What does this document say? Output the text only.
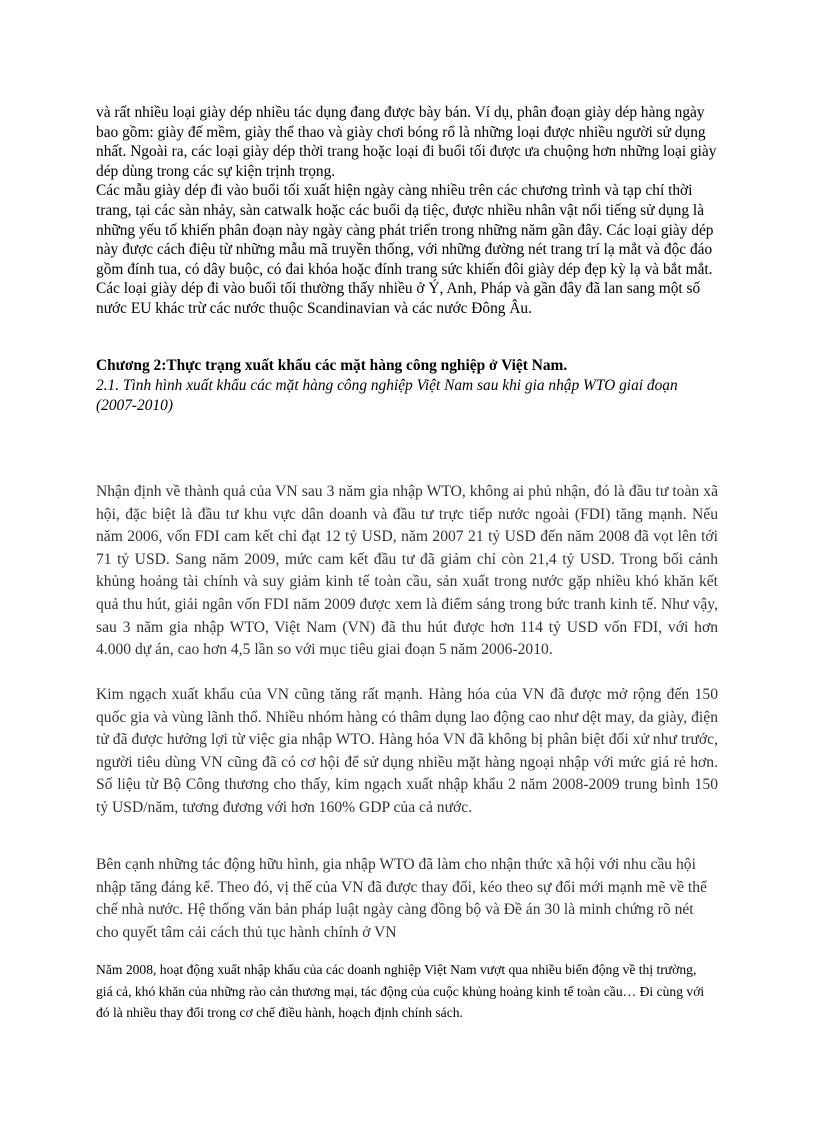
và rất nhiều loại giày dép nhiều tác dụng đang được bày bán. Ví dụ, phân đoạn giày dép hàng ngày bao gồm: giày đế mềm, giày thể thao và giày chơi bóng rổ là những loại được nhiều người sử dụng nhất. Ngoài ra, các loại giày dép thời trang hoặc loại đi buổi tối được ưa chuộng hơn những loại giày dép dùng trong các sự kiện trịnh trọng.

Các mẫu giày dép đi vào buổi tối xuất hiện ngày càng nhiều trên các chương trình và tạp chí thời trang, tại các sàn nhảy, sàn catwalk hoặc các buổi dạ tiệc, được nhiều nhân vật nổi tiếng sử dụng là những yếu tố khiến phân đoạn này ngày càng phát triển trong những năm gần đây. Các loại giày dép này được cách điệu từ những mẫu mã truyền thống, với những đường nét trang trí lạ mắt và độc đáo gồm đính tua, có dây buộc, có đai khóa hoặc đính trang sức khiến đôi giày dép đẹp kỳ lạ và bắt mắt. Các loại giày dép đi vào buổi tối thường thấy nhiều ở Ý, Anh, Pháp và gần đây đã lan sang một số nước EU khác trừ các nước thuộc Scandinavian và các nước Đông Âu.

Chương 2:Thực trạng xuất khẩu các mặt hàng công nghiệp ở Việt Nam.
2.1. Tình hình xuất khẩu các mặt hàng công nghiệp Việt Nam sau khi gia nhập WTO giai đoạn (2007-2010)

Nhận định về thành quả của VN sau 3 năm gia nhập WTO, không ai phủ nhận, đó là đầu tư toàn xã hội, đặc biệt là đầu tư khu vực dân doanh và đầu tư trực tiếp nước ngoài (FDI) tăng mạnh. Nếu năm 2006, vốn FDI cam kết chỉ đạt 12 tỷ USD, năm 2007 21 tỷ USD đến năm 2008 đã vọt lên tới 71 tỷ USD. Sang năm 2009, mức cam kết đầu tư đã giảm chỉ còn 21,4 tỷ USD. Trong bối cảnh khủng hoảng tài chính và suy giảm kinh tế toàn cầu, sản xuất trong nước gặp nhiều khó khăn kết quả thu hút, giải ngân vốn FDI năm 2009 được xem là điểm sáng trong bức tranh kinh tế. Như vậy, sau 3 năm gia nhập WTO, Việt Nam (VN) đã thu hút được hơn 114 tỷ USD vốn FDI, với hơn 4.000 dự án, cao hơn 4,5 lần so với mục tiêu giai đoạn 5 năm 2006-2010.

Kim ngạch xuất khẩu của VN cũng tăng rất mạnh. Hàng hóa của VN đã được mở rộng đến 150 quốc gia và vùng lãnh thổ. Nhiều nhóm hàng có thâm dụng lao động cao như dệt may, da giày, điện tử đã được hưởng lợi từ việc gia nhập WTO. Hàng hóa VN đã không bị phân biệt đối xử như trước, người tiêu dùng VN cũng đã có cơ hội để sử dụng nhiều mặt hàng ngoại nhập với mức giá rẻ hơn. Số liệu từ Bộ Công thương cho thấy, kim ngạch xuất nhập khẩu 2 năm 2008-2009 trung bình 150 tỷ USD/năm, tương đương với hơn 160% GDP của cả nước.

Bên cạnh những tác động hữu hình, gia nhập WTO đã làm cho nhận thức xã hội với nhu cầu hội nhập tăng đáng kể. Theo đó, vị thế của VN đã được thay đổi, kéo theo sự đổi mới mạnh mẽ về thể chế nhà nước. Hệ thống văn bản pháp luật ngày càng đồng bộ và Đề án 30 là minh chứng rõ nét cho quyết tâm cải cách thủ tục hành chính ở VN

Năm 2008, hoạt động xuất nhập khẩu của các doanh nghiệp Việt Nam vượt qua nhiều biến động về thị trường, giá cả, khó khăn của những rào cản thương mại, tác động của cuộc khủng hoảng kinh tế toàn cầu… Đi cùng với đó là nhiều thay đổi trong cơ chế điều hành, hoạch định chính sách.
